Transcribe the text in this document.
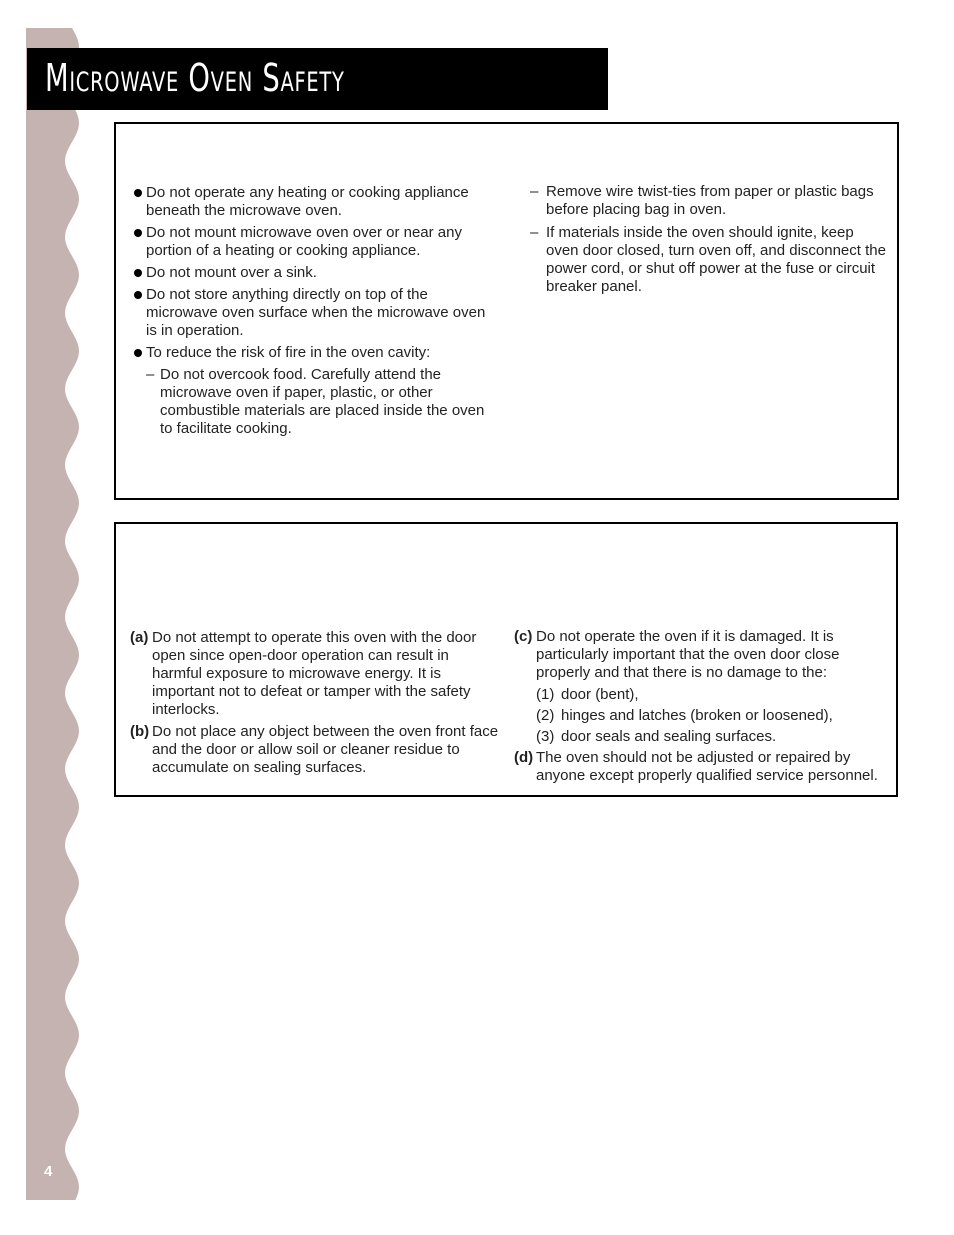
4
Microwave Oven Safety
Do not operate any heating or cooking appliance beneath the microwave oven.
Do not mount microwave oven over or near any portion of a heating or cooking appliance.
Do not mount over a sink.
Do not store anything directly on top of the microwave oven surface when the microwave oven is in operation.
To reduce the risk of fire in the oven cavity:
– Do not overcook food. Carefully attend the microwave oven if paper, plastic, or other combustible materials are placed inside the oven to facilitate cooking.
– Remove wire twist-ties from paper or plastic bags before placing bag in oven.
– If materials inside the oven should ignite, keep oven door closed, turn oven off, and disconnect the power cord, or shut off power at the fuse or circuit breaker panel.
(a) Do not attempt to operate this oven with the door open since open-door operation can result in harmful exposure to microwave energy. It is important not to defeat or tamper with the safety interlocks.
(b) Do not place any object between the oven front face and the door or allow soil or cleaner residue to accumulate on sealing surfaces.
(c) Do not operate the oven if it is damaged. It is particularly important that the oven door close properly and that there is no damage to the:
(1) door (bent),
(2) hinges and latches (broken or loosened),
(3) door seals and sealing surfaces.
(d) The oven should not be adjusted or repaired by anyone except properly qualified service personnel.
